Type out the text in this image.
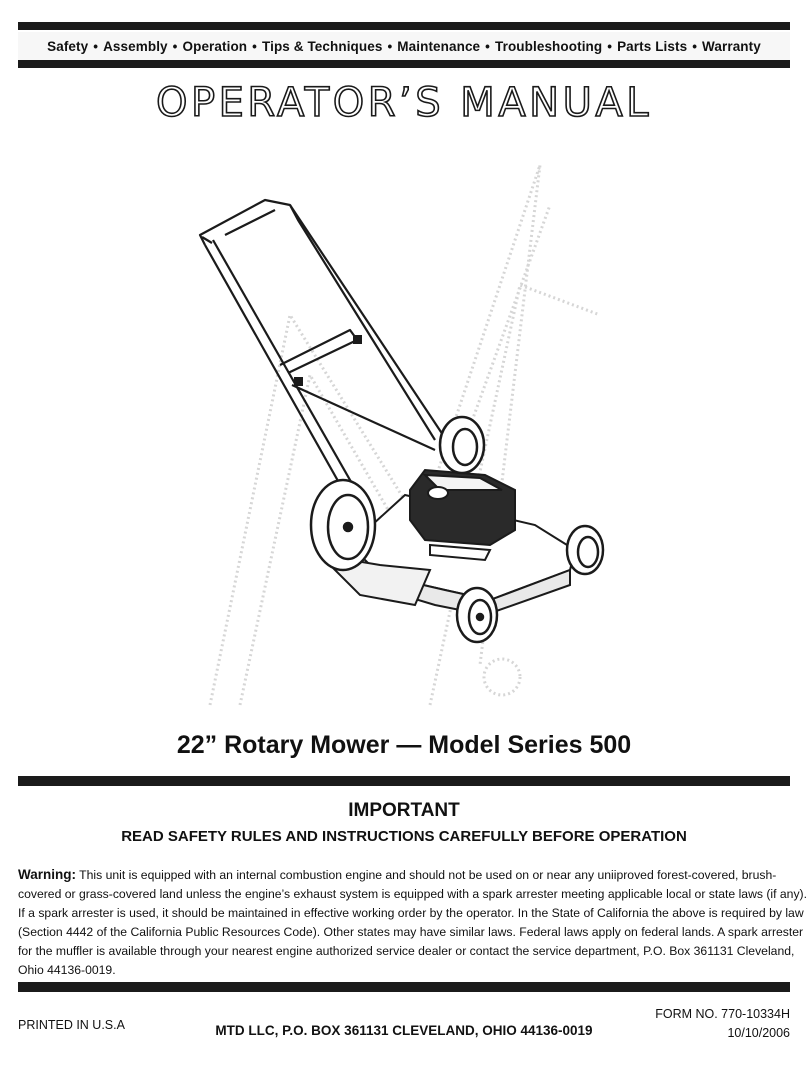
Safety • Assembly • Operation • Tips & Techniques • Maintenance • Troubleshooting • Parts Lists • Warranty
OPERATOR’S MANUAL
22” Rotary Mower — Model Series 500
IMPORTANT
READ SAFETY RULES AND INSTRUCTIONS CAREFULLY BEFORE OPERATION
Warning: This unit is equipped with an internal combustion engine and should not be used on or near any uniiproved forest-covered, brush-
covered or grass-covered land unless the engine’s exhaust system is equipped with a spark arrester meeting applicable local or state laws (if any).
If a spark arrester is used, it should be maintained in effective working order by the operator. In the State of California the above is required by law
(Section 4442 of the California Public Resources Code). Other states may have similar laws. Federal laws apply on federal lands. A spark arrester
for the muffler is available through your nearest engine authorized service dealer or contact the service department, P.O. Box 361131 Cleveland,
Ohio 44136-0019.
PRINTED IN U.S.A	MTD LLC, P.O. BOX 361131 CLEVELAND, OHIO 44136-0019
FORM NO. 770-10334H
10/10/2006
